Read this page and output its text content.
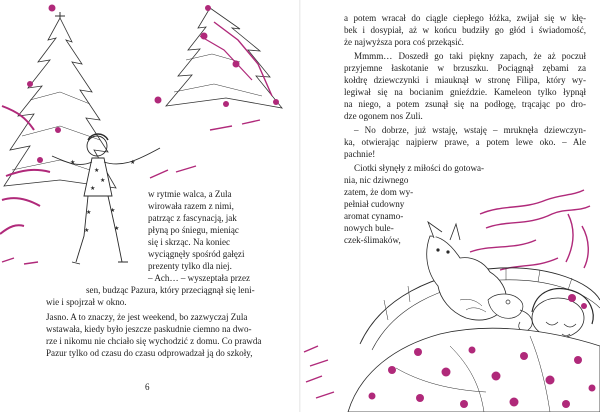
★
★
★
★	★
★	★
★
★
w rytmie walca, a Zula
wirowała razem z nimi,
patrząc z fascynacją, jak
płyną po śniegu, mieniąc
się i skrząc. Na koniec
wyciągnęły spośród gałęzi
prezenty tylko dla niej.
– Ach… – wyszeptała przez
sen, budząc Pazura, który przeciągnął się leni-
wie i spojrzał w okno.
Jasno. A to znaczy, że jest weekend, bo zazwyczaj Zula
wstawała, kiedy było jeszcze paskudnie ciemno na dwo-
rze i nikomu nie chciało się wychodzić z domu. Co prawda
Pazur tylko od czasu do czasu odprowadzał ją do szkoły,
6
a potem wracał do ciągle ciepłego łóżka, zwijał się w kłę-
bek i dosypiał, aż w końcu budziły go głód i świadomość,
że najwyższa pora coś przekąsić.
Mmmm… Doszedł go taki piękny zapach, że aż poczuł
przyjemne łaskotanie w brzuszku. Pociągnął zębami za
kołdrę dziewczynki i miauknął w stronę Filipa, który wy-
legiwał się na bocianim gnieździe. Kameleon tylko łypnął
na niego, a potem zsunął się na podłogę, trącając po dro-
dze ogonem nos Zuli.
– No dobrze, już wstaję, wstaję – mruknęła dziewczyn-
ka, otwierając najpierw prawe, a potem lewe oko. – Ale
pachnie!
Ciotki słynęły z miłości do gotowa-
nia, nic dziwnego
zatem, że dom wy-
pełniał cudowny
aromat cynamo-
nowych bule-
czek-ślimaków,
